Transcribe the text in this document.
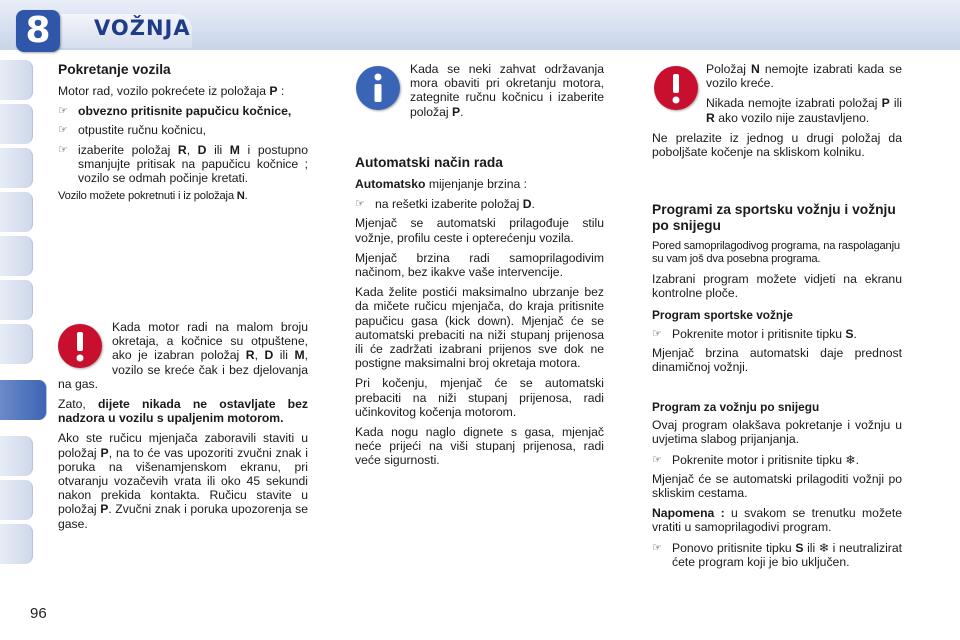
8	VOŽNJA
Pokretanje vozila

Motor rad, vozilo pokrećete iz položaja P :

☞ obvezno pritisnite papučicu kočnice,
☞ otpustite ručnu kočnicu,
☞ izaberite položaj R, D ili M i postupno smanjujte pritisak na papučicu kočnice ; vozilo se odmah počinje kretati.

Vozilo možete pokretnuti i iz položaja N.

Kada motor radi na malom broju okretaja, a kočnice su otpuštene, ako je izabran položaj R, D ili M, vozilo se kreće čak i bez djelovanja na gas.

Zato, dijete nikada ne ostavljate bez nadzora u vozilu s upaljenim motorom.

Ako ste ručicu mjenjača zaboravili staviti u položaj P, na to će vas upozoriti zvučni znak i poruka na višenamjenskom ekranu, pri otvaranju vozačevih vrata ili oko 45 sekundi nakon prekida kontakta. Ručicu stavite u položaj P. Zvučni znak i poruka upozorenja se gase.

Kada se neki zahvat održavanja mora obaviti pri okretanju motora, zategnite ručnu kočnicu i izaberite položaj P.

Automatski način rada

Automatsko mijenjanje brzina :

☞ na rešetki izaberite položaj D.

Mjenjač se automatski prilagođuje stilu vožnje, profilu ceste i opterećenju vozila.

Mjenjač brzina radi samoprilagodivim načinom, bez ikakve vaše intervencije.

Kada želite postići maksimalno ubrzanje bez da mičete ručicu mjenjača, do kraja pritisnite papučicu gasa (kick down). Mjenjač će se automatski prebaciti na niži stupanj prijenosa ili će zadržati izabrani prijenos sve dok ne postigne maksimalni broj okretaja motora.

Pri kočenju, mjenjač će se automatski prebaciti na niži stupanj prijenosa, radi učinkovitog kočenja motorom.

Kada nogu naglo dignete s gasa, mjenjač neće prijeći na viši stupanj prijenosa, radi veće sigurnosti.

Položaj N nemojte izabrati kada se vozilo kreće.

Nikada nemojte izabrati položaj P ili R ako vozilo nije zaustavljeno.

Ne prelazite iz jednog u drugi položaj da poboljšate kočenje na skliskom kolniku.

Programi za sportsku vožnju i vožnju po snijegu

Pored samoprilagodivog programa, na raspolaganju su vam još dva posebna programa.

Izabrani program možete vidjeti na ekranu kontrolne ploče.

Program sportske vožnje
☞ Pokrenite motor i pritisnite tipku S.

Mjenjač brzina automatski daje prednost dinamičnoj vožnji.

Program za vožnju po snijegu

Ovaj program olakšava pokretanje i vožnju u uvjetima slabog prijanjanja.

☞ Pokrenite motor i pritisnite tipku ❄.

Mjenjač će se automatski prilagoditi vožnji po skliskim cestama.

Napomena : u svakom se trenutku možete vratiti u samoprilagodivi program.

☞ Ponovo pritisnite tipku S ili ❄ i neutralizirat ćete program koji je bio uključen.
96
